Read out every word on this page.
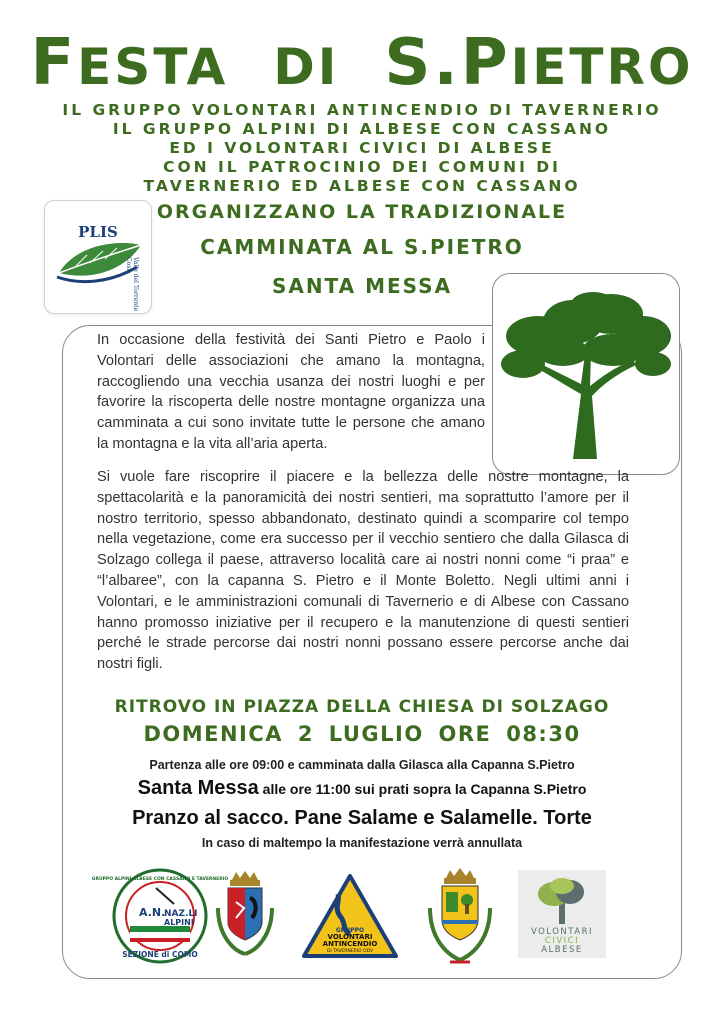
FESTA DI S.PIETRO
IL GRUPPO VOLONTARI ANTINCENDIO DI TAVERNERIO
IL GRUPPO ALPINI DI ALBESE CON CASSANO
ED I VOLONTARI CIVICI DI ALBESE
CON IL PATROCINIO DEI COMUNI DI
TAVERNERIO ED ALBESE CON CASSANO
ORGANIZZANO LA TRADIZIONALE
CAMMINATA AL S.PIETRO
SANTA MESSA
PLIS
Valle del Torrente Cosia
In occasione della festività dei Santi Pietro e Paolo i Volontari delle associazioni che amano la montagna, raccogliendo una vecchia usanza dei nostri luoghi e per favorire la riscoperta delle nostre montagne organizza una camminata a cui sono invitate tutte le persone che amano la montagna e la vita all’aria aperta.
Si vuole fare riscoprire il piacere e la bellezza delle nostre montagne, la spettacolarità e la panoramicità dei nostri sentieri, ma soprattutto l’amore per il nostro territorio, spesso abbandonato, destinato quindi a scomparire col tempo nella vegetazione, come era successo per il vecchio sentiero che dalla Gilasca di Solzago collega il paese, attraverso località care ai nostri nonni come “i praa” e “l’albaree”, con la capanna S. Pietro e il Monte Boletto. Negli ultimi anni i Volontari, e le amministrazioni comunali di Tavernerio e di Albese con Cassano hanno promosso iniziative per il recupero e la manutenzione di questi sentieri perché le strade percorse dai nostri nonni possano essere percorse anche dai nostri figli.
RITROVO IN PIAZZA DELLA CHIESA DI SOLZAGO
DOMENICA 2 LUGLIO ORE 08:30
Partenza alle ore 09:00 e camminata dalla Gilasca alla Capanna S.Pietro
Santa Messa alle ore 11:00 sui prati sopra la Capanna S.Pietro
Pranzo al sacco. Pane Salame e Salamelle. Torte
In caso di maltempo la manifestazione verrà annullata
A.N.
NAZ.LI
ALPINI
GRUPPO ALPINI ALBESE CON CASSANO E TAVERNERIO
SEZIONE di COMO
GRUPPO
VOLONTARI
ANTINCENDIO
DI TAVERNERIO ODV
VOLONTARI
CIVICI
ALBESE
